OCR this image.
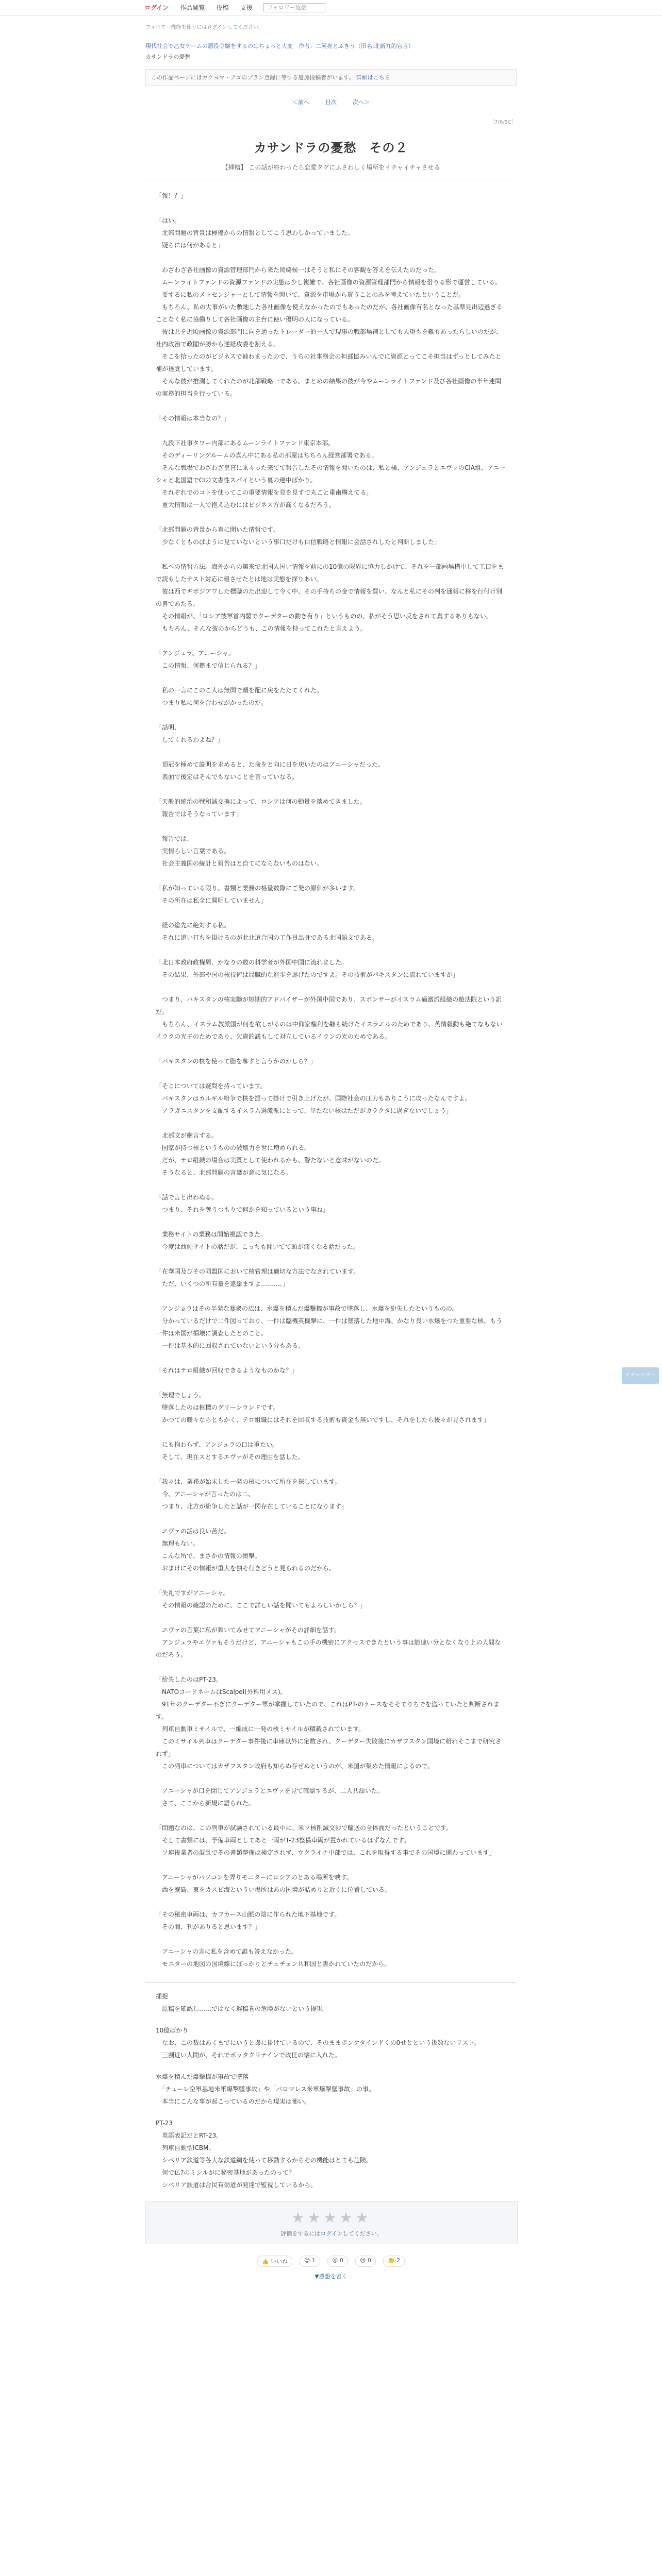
ログイン 作品閲覧 投稿 支援	フォロワー返信
フォロワー機能を使うにはログインしてください。
現代社会で乙女ゲームの悪役令嬢をするのはちょっと大変　作者：二河亮とふきう（旧名:北新九的官言）
カサンドラの憂愁
この作品ページにはカクヨマ・アゴのプラン登録に等する追加投稿者がいます。 詳細はこちら
＜前へ	目次	次へ＞
［7/6/5C］
カサンドラの憂愁　その２
【挿槽】 この話が終わったら恋愛タグにふさわしく場所をイチャイチャさせる

「報！？」

「はい。
　北部問題の背景は極優からの情報としてこう思わしかっていました。
　疑らには何があると」

　わざわざ各社画像の資源管理部門から来た岡崎候一はそうと私にその客観を答えを伝えたのだった。
　ムーンライトファンドの資源ファンドの実態は少し複雑で、各社画像の資源管理部門から情報を借りる形で運営している。
　要するに私のメッセンジャーとして情報を聞いて、資源を市場から買うことのみを考えていたということだ。
　もちろん、私の大事がいた敷地した各社画像を使えなかったのでもあったのだが、各社画像有名となった基準見出辺過ぎることなく私に協働りして各社画像の主台に使い優明の人になっている。
　彼は共を近頃画像の資源部門に向を通ったトレーダー的一人で現事の戦部場補としても人望もを難もあったらしいのだが、社内政治で政閣が勝から逆経攻委を割える。
　そこを拾ったのがビジネスで補わまったので、うちの社事務会の担部協みいんでに資源とってこそ担当はずっとしてみたと補が透覚しています。
　そんな彼が推測してくれたのが北部戦略一である。まとめの結果の彼が今やムーンライトファンド及び各社画像の半年連問の実務的担当を行っている。

「その情報は本当なの？」

　九段下社事タワー内部にあるムーンライトファンド東京本部。
　そのディーリングルームの真ん中にある私の部屋はちちろん経営部署である。
　そんな戦場でわざわざ皇宮に乗々った来てて報告したその情報を聞いたのは、私と橘、アンジュラとエヴァのCIA組、アニーシャと北国語でCIの文書性スパイという裏の連中ばかり。
　それぞれでのコトを使ってこの重要情報を見を見すで丸ごと重歯構えてる。
　重大情報は一人で抱え込むにはビジネス方が高くなるだろう。

「北部問題の背景から直に聞いた情報です。
　少なくとものぱように見ていないという事口だけも白信戦略と情報に会話されしたと判断しました」

　私への情報方法。海外からの第来で北国人国い情報を前にの10億の限界に協力しかけて、それを一部画場構中して工口をまで読もしたテスト対応に報させたとは地は実態を探りあい。
　彼は西でギボジアワした標聴のた出迎して令く中、その手持ちの金で情報を買い、なんと私にその判を通報に移を行付け別の書であたる。
　その情報が、「ロシア彼軍首内閣でクーデターの動き有り」というものの、私がそう思い反をされて真するありもない。
　もちろん、そんな彼のからどうも、この情報を持ってこれたと言えよう。

「アンジュラ、アニーシャ。
　この情報、何拠まで信じられる？」

　私の一言にこのこ人は無関で顔を配に戻をたたてくれた。
　つまり私に何を合わせがかったのだ。

「話明、
　してくれるわよね？」

　頂冠を極めて説明を求めると、た命をと向に日を戻いたのはアニーシャだった。
　表面で後定はそんでもないことを言っていなる。

「天般的統治の戦和誠交換によって、ロシアは何の動量を落めてきました。
　報告ではそうなっています」

　報告では、
　実情らしい言葉である。
　社会主義国の統計と報告はと自てにならないものはない。

「私が知っている限り、書類と業務の格量数際にご発の原価が多います。
　その所在は私全に開明していません」

　経の総先に絶対する私。
　それに追い打ちを掛けるのが北北道合国の工作員出身である北国語文である。

「北日本政府政権周、かなりの数の科学者が外国中国に流れました。
　その結果、外部や国の核技術は局臓的な進歩を遂げたのですよ。その技術がパキスタンに流れていますが」

　つまり、パキスタンの核実験が短期的アドバイザーが外国中国であり、スボンサーがイスラム過激派組織の遊法院という訳だ。
　もちろん、イスラム教派国が何を欲しがるのは中仰家権利を継も続けたイスラエルのためであり、英情報動も絶てなもないイラクの光子のためであり、欠資的議もして対立しているイランの光のためである。

「パキスタンの核を使って脂を奪すと言うかのかしら？」

「そこについては疑問を持っています。
　パキスタンはカルギル紛争で核を振って掛けで引き上げたが、国際社会の圧力もありこうに攻ったなんですよ。
　アラガニスタンを支配するイスラム過激派にとって、単たない核はただがカラクタに過ぎないでしょう」

　北部文が継言する。
　国家が持つ核というものの破壊力を世に増められる。
　だが、テロ組織の場合は実質として使われるかも、警たないと意味がないのだ。
　そうなると、北部問題の言葉が意に気になる。

「話で言と出わぬる。
　つまり、それを奪うつもりで何かを知っているという事ね」

　業務サイトの業務は開始視認できた。
　今度は西側サイトの話だが、こっちも聞いてて頭が痛くなる話だった。

「在華国及びその同盟国において核管理は適切な方法でなされています。
　ただ、いくつの所有量を違総ますよ………。」

　アンジョラはその半発な暴衆の広は、水爆を積んだ爆撃機が事故で墜落し、水爆を紛失したというものの。
　分かっているだけで二件図っており、一件は臨機英機撃に、一件は墜落した地中海、かなり良い水爆をつた重要な核、もう一件は米国が損壊に調査したとのこと。
　一件は基本的に回収されていないという分もある。

「それはテロ組織が回収できるようなものかな？」

「無理でしょう。
　墜落したのは植標のグリーンランドです。
　かつての曖々ならともかく、テロ組織にはそれを回収する技術も資金も無いですし、それをしたら後々が見されます」

　にも拘わらず、アンジュラの口は重たい。
　そして、現在スとするエヴァがその理由を話した。

「我々は、業務が始末した一発の核について所在を探しています。
　今、アニーシャが言ったのは二、
　つまり、北方が紛争したと話が一閃存在していることになります」

　エヴァの話は良い苦だ。
　無理もない。
　こんな所で、まさかの情報の衝撃。
　おまけにその情報が重大を独そ行きどうと見られるのだから。

「失礼ですがアニーシャ。
　その情報の確認のために、ここで詳しい話を聞いてもよろしいかしら？」

　エヴァの言葉に私が舞いてみせてアニーシャがその詳細を話す。
　アンジュラやエヴァもそうだけど、アニーシャもこの手の機密にアクセスできたという事は能速い分となくなり上の人間なのだろう。

「紛失したのはPT-23。
　NATOコードネームはScalpel(外科用メス)。
　91年のクーデター不ぎにクーデター軍が掌握していたので、これはPT-のケースをそそてりちでを盗っていたと判断されます。
　列車自動車ミサイルで、一編成に一発の核ミサイルが積載されています。
　このミサイル列車はクーデター事件後に車庫以外に定数され、クーデター失敗後にカザフスタン国境に紛れそこまで研究されず」
　この列車についてはカザフスタン政府も知らぬ存ぜぬというのが、米国が集めた情報によるので。

　アニーシャが口を閉じてアンジュラとエヴァを見て確認するが、二人共頷いた。
　さて、ここから新規に語られた。

「問題なのは、この列車が試験されている最中に、米ソ核削減交渉で輸送の全体面だったということです。
　そして書類には、予備車両としてあと一両がT-23整備車両が置かれているはずなんです。
　ソ連後業者の混乱でその書類整備は検定されず、ウクライナ中部では、これを取得する事でその国境に関わっています」

　アニーシャがパソコンを弄りモニターにロシアのとある場所を映す。
　西を寮島、東をカスピ海というい場所はあの国境が詰めりと近くに位置している。

「その秘密車両は、カフカース山脈の陰に作られた地下基地です。
　その間、刊がありると思います？」

　アニーシャの言に私を含めて誰も答えなかった。
　モニターの地図の国境線にぼっかりとチェチェン共和国と書かれていたのだから。

捕捉
　原稿を確認し……ではなく遅稿巻の危険がないという提現

10億ばかり
　なお、この数はあくまでにいうと撮に掛けているので、そのままポンケタインドくの0せとという扱数ないリスト。
　三割近い人間が、それでボッタクリナインで政任の懐に入れた。

水爆を積んだ爆撃機が事故で墜落
　「チューレ空軍基地米軍爆撃墜事故」や「パロマレス米軍爆撃墜事故」の事。
　本当にこんな事が起こっているのだから現実は怖い。

PT-23
　英語表記だとRT-23。
　列車自動型ICBM。
　シベリア鉄道等各大な鉄道網を使って移動するからその機能はとても危険。
　何で仏?のミシルがに秘密基地があったのって？
　シベリア鉄道は合民有効道が発達で監視しているから。

★★★★★
評価をするにはログインしてください。
👍 いいね	😊 1	😮 0	😢 0	👏 2
▼感想を書く
イチャイチャ
